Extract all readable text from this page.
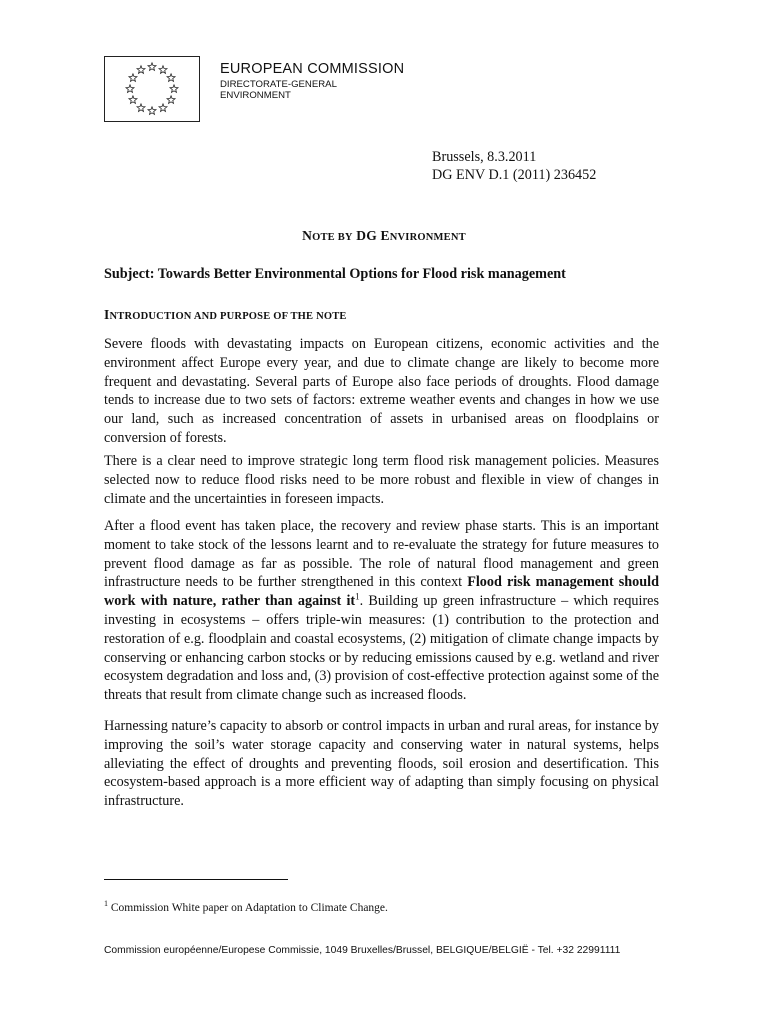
EUROPEAN COMMISSION
DIRECTORATE-GENERAL
ENVIRONMENT
Brussels, 8.3.2011
DG ENV D.1 (2011) 236452
NOTE BY DG ENVIRONMENT
Subject: Towards Better Environmental Options for Flood risk management
INTRODUCTION AND PURPOSE OF THE NOTE

Severe floods with devastating impacts on European citizens, economic activities and the environment affect Europe every year, and due to climate change are likely to become more frequent and devastating. Several parts of Europe also face periods of droughts. Flood damage tends to increase due to two sets of factors: extreme weather events and changes in how we use our land, such as increased concentration of assets in urbanised areas on floodplains or conversion of forests.

There is a clear need to improve strategic long term flood risk management policies. Measures selected now to reduce flood risks need to be more robust and flexible in view of changes in climate and the uncertainties in foreseen impacts.

After a flood event has taken place, the recovery and review phase starts. This is an important moment to take stock of the lessons learnt and to re-evaluate the strategy for future measures to prevent flood damage as far as possible. The role of natural flood management and green infrastructure needs to be further strengthened in this context Flood risk management should work with nature, rather than against $it^1$. Building up green infrastructure – which requires investing in ecosystems – offers triple-win measures: (1) contribution to the protection and restoration of e.g. floodplain and coastal ecosystems, (2) mitigation of climate change impacts by conserving or enhancing carbon stocks or by reducing emissions caused by e.g. wetland and river ecosystem degradation and loss and, (3) provision of cost-effective protection against some of the threats that result from climate change such as increased floods.

Harnessing nature’s capacity to absorb or control impacts in urban and rural areas, for instance by improving the soil’s water storage capacity and conserving water in natural systems, helps alleviating the effect of droughts and preventing floods, soil erosion and desertification. This ecosystem-based approach is a more efficient way of adapting than simply focusing on physical infrastructure.

$^1$ Commission White paper on Adaptation to Climate Change.
Commission européenne/Europese Commissie, 1049 Bruxelles/Brussel, BELGIQUE/BELGIË - Tel. +32 22991111
